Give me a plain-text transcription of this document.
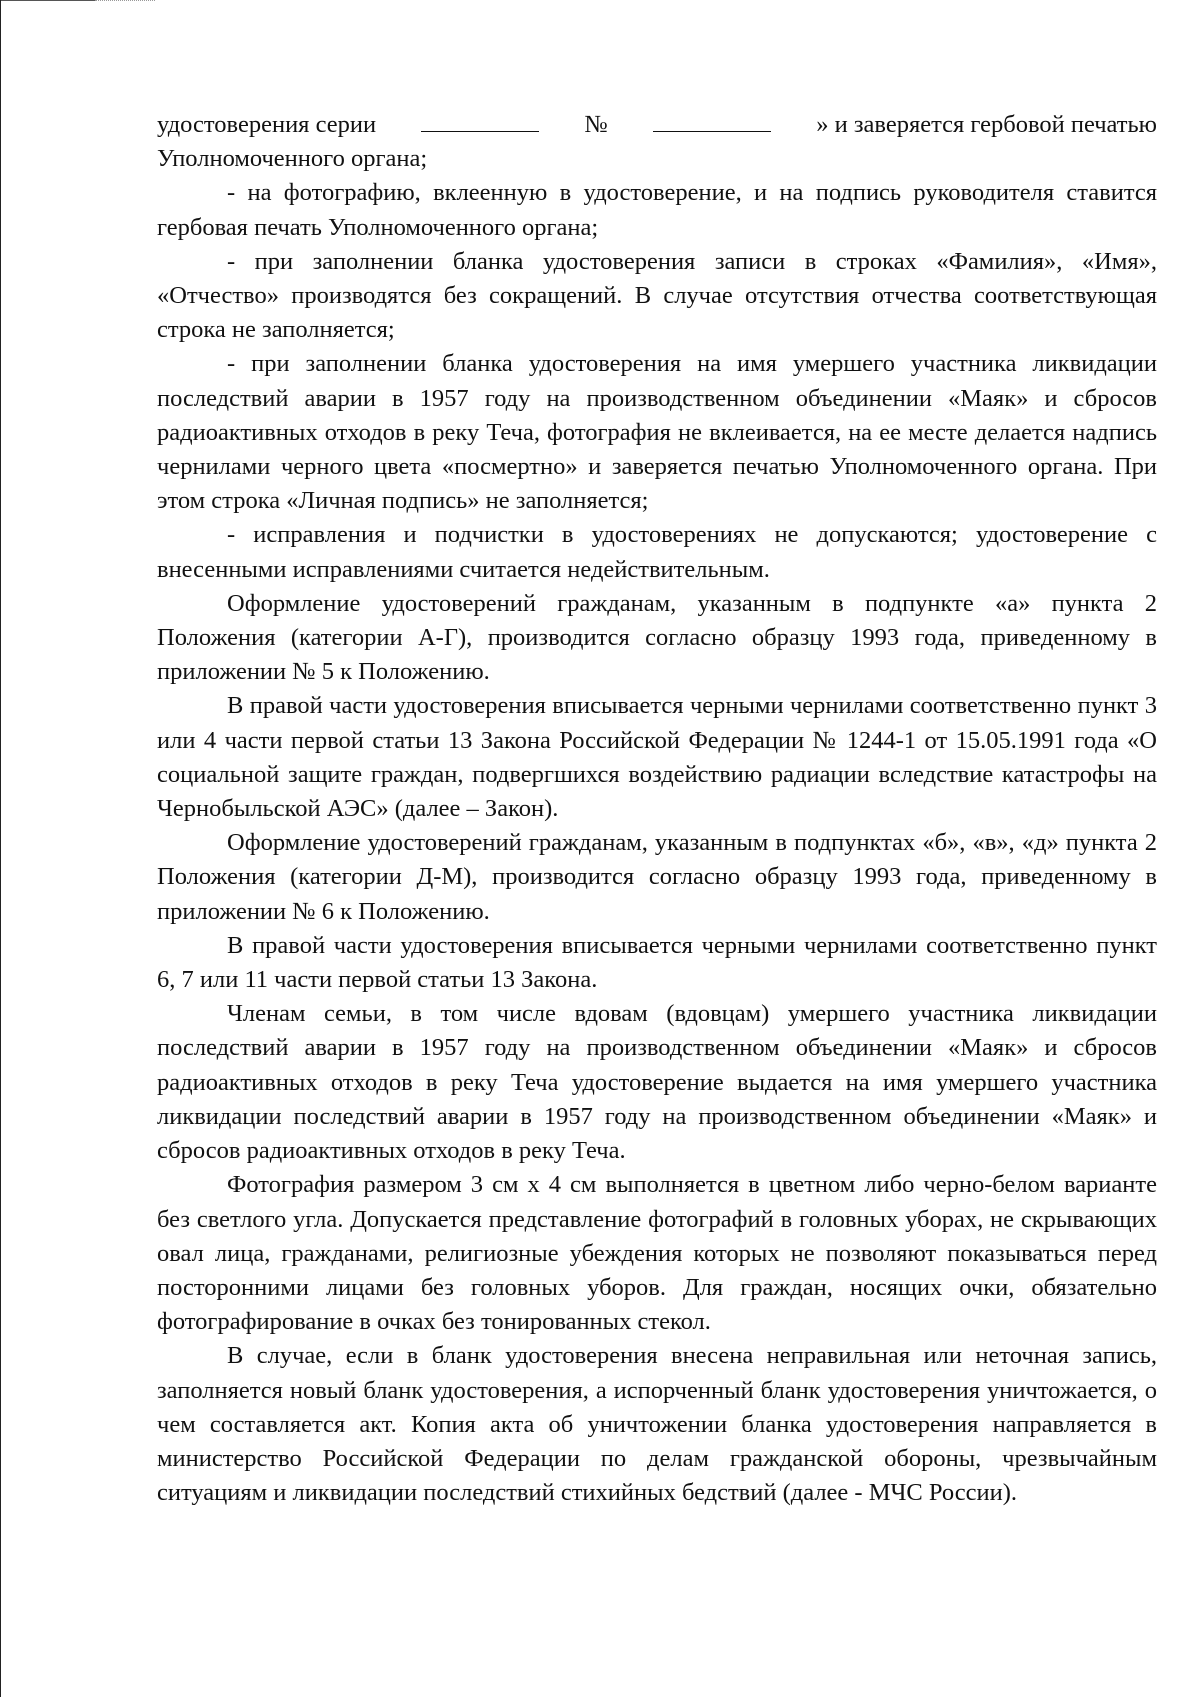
удостоверения серии	№	» и заверяется гербовой печатью
Уполномоченного органа;

- на фотографию, вклеенную в удостоверение, и на подпись руководителя ставится гербовая печать Уполномоченного органа;

- при заполнении бланка удостоверения записи в строках «Фамилия», «Имя», «Отчество» производятся без сокращений. В случае отсутствия отчества соответствующая строка не заполняется;

- при заполнении бланка удостоверения на имя умершего участника ликвидации последствий аварии в 1957 году на производственном объединении «Маяк» и сбросов радиоактивных отходов в реку Теча, фотография не вклеивается, на ее месте делается надпись чернилами черного цвета «посмертно» и заверяется печатью Уполномоченного органа. При этом строка «Личная подпись» не заполняется;

- исправления и подчистки в удостоверениях не допускаются; удостоверение с внесенными исправлениями считается недействительным.

Оформление удостоверений гражданам, указанным в подпункте «а» пункта 2 Положения (категории А-Г), производится согласно образцу 1993 года, приведенному в приложении № 5 к Положению.

В правой части удостоверения вписывается черными чернилами соответственно пункт 3 или 4 части первой статьи 13 Закона Российской Федерации № 1244-1 от 15.05.1991 года «О социальной защите граждан, подвергшихся воздействию радиации вследствие катастрофы на Чернобыльской АЭС» (далее – Закон).

Оформление удостоверений гражданам, указанным в подпунктах «б», «в», «д» пункта 2 Положения (категории Д-М), производится согласно образцу 1993 года, приведенному в приложении № 6 к Положению.

В правой части удостоверения вписывается черными чернилами соответственно пункт 6, 7 или 11 части первой статьи 13 Закона.

Членам семьи, в том числе вдовам (вдовцам) умершего участника ликвидации последствий аварии в 1957 году на производственном объединении «Маяк» и сбросов радиоактивных отходов в реку Теча удостоверение выдается на имя умершего участника ликвидации последствий аварии в 1957 году на производственном объединении «Маяк» и сбросов радиоактивных отходов в реку Теча.

Фотография размером 3 см х 4 см выполняется в цветном либо черно-белом варианте без светлого угла. Допускается представление фотографий в головных уборах, не скрывающих овал лица, гражданами, религиозные убеждения которых не позволяют показываться перед посторонними лицами без головных уборов. Для граждан, носящих очки, обязательно фотографирование в очках без тонированных стекол.

В случае, если в бланк удостоверения внесена неправильная или неточная запись, заполняется новый бланк удостоверения, а испорченный бланк удостоверения уничтожается, о чем составляется акт. Копия акта об уничтожении бланка удостоверения направляется в министерство Российской Федерации по делам гражданской обороны, чрезвычайным ситуациям и ликвидации последствий стихийных бедствий (далее - МЧС России).
